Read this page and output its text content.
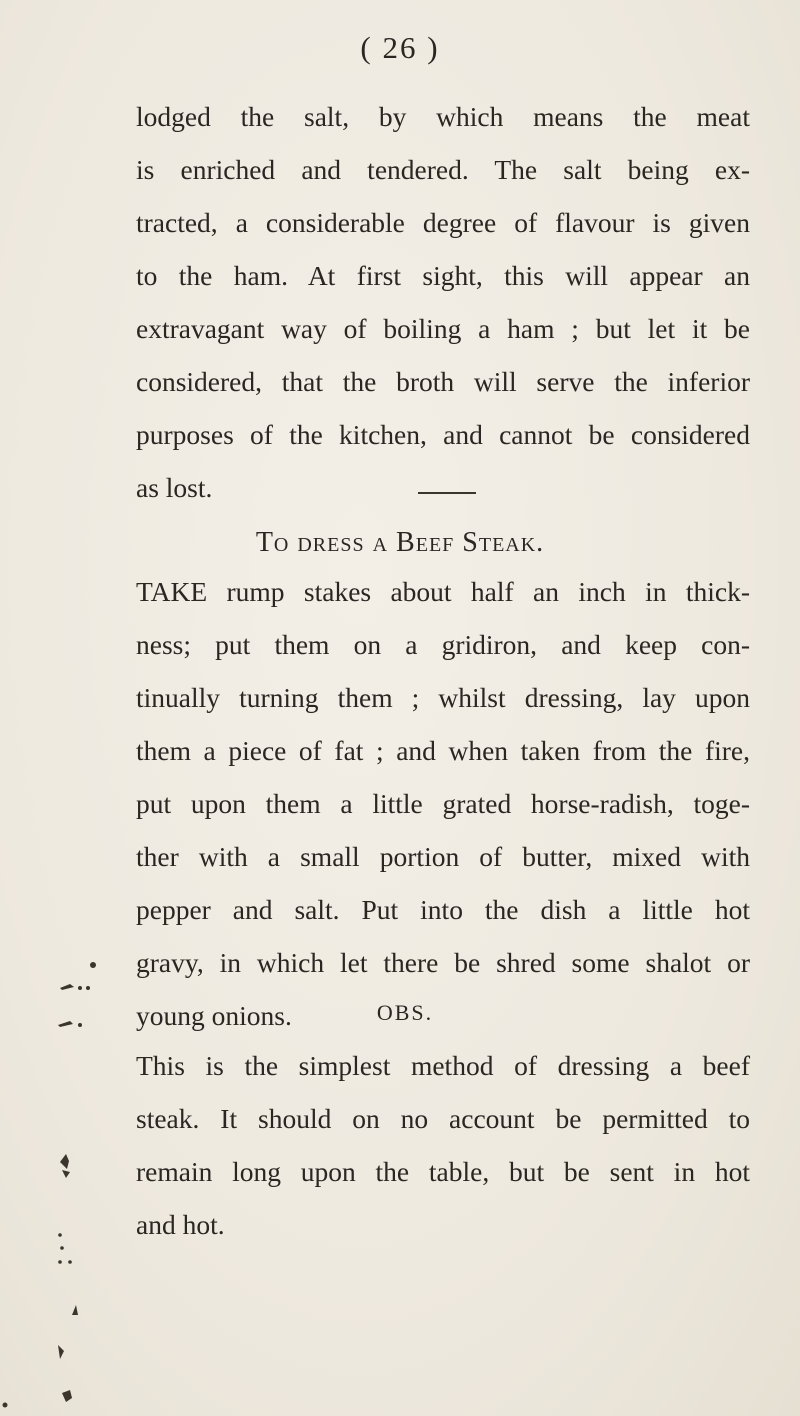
( 26 )
lodged the salt, by which means the meat
is enriched and tendered. The salt being ex-
tracted, a considerable degree of flavour is given
to the ham. At first sight, this will appear an
extravagant way of boiling a ham ; but let it be
considered, that the broth will serve the inferior
purposes of the kitchen, and cannot be considered
as lost.
To dress a Beef Steak.
TAKE rump stakes about half an inch in thick-
ness; put them on a gridiron, and keep con-
tinually turning them ; whilst dressing, lay upon
them a piece of fat ; and when taken from the fire,
put upon them a little grated horse-radish, toge-
ther with a small portion of butter, mixed with
pepper and salt. Put into the dish a little hot
gravy, in which let there be shred some shalot or
young onions.	OBS.
This is the simplest method of dressing a beef
steak. It should on no account be permitted to
remain long upon the table, but be sent in hot
and hot.
